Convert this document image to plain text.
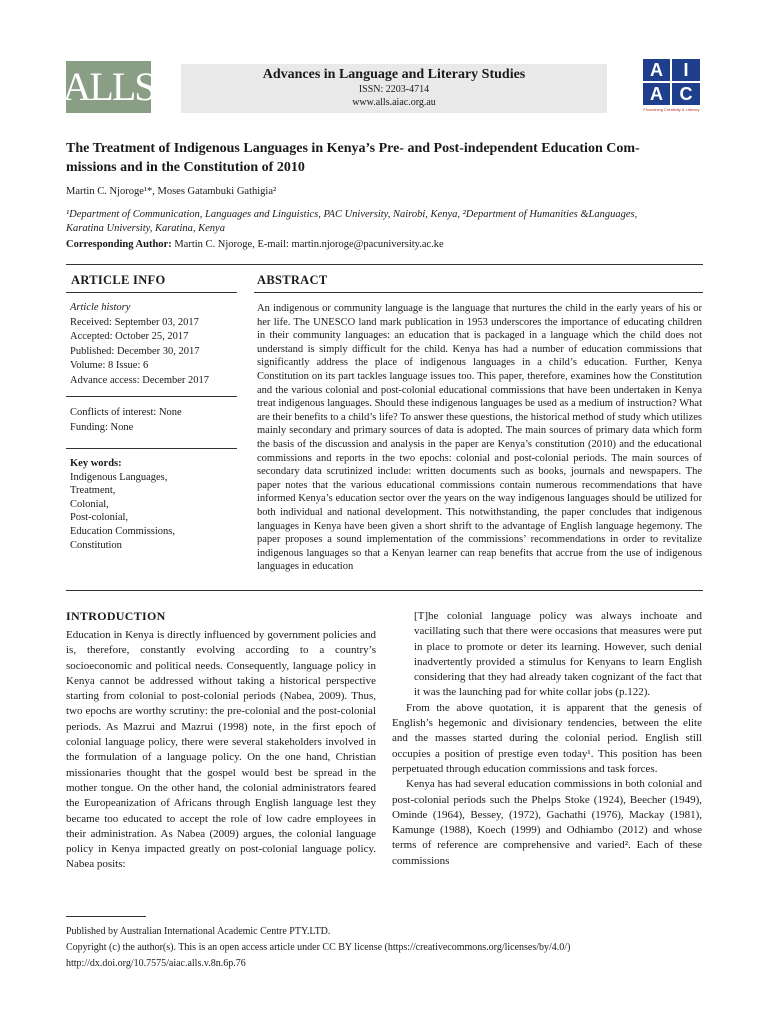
ALLS	Advances in Language and Literary Studies
ISSN: 2203-4714
www.alls.aiac.org.au
A	I
A C
Flourishing Creativity & Literacy
The Treatment of Indigenous Languages in Kenya’s Pre- and Post-independent Education Com-
missions and in the Constitution of 2010
Martin C. Njoroge¹*, Moses Gatambuki Gathigia²
¹Department of Communication, Languages and Linguistics, PAC University, Nairobi, Kenya, ²Department of Humanities &Languages,
Karatina University, Karatina, Kenya
Corresponding Author: Martin C. Njoroge, E-mail: martin.njoroge@pacuniversity.ac.ke
ARTICLE INFO	ABSTRACT
Article history
Received: September 03, 2017
Accepted: October 25, 2017
Published: December 30, 2017
Volume: 8 Issue: 6
Advance access: December 2017
Conflicts of interest: None
Funding: None
Key words:
Indigenous Languages,
Treatment,
Colonial,
Post-colonial,
Education Commissions,
Constitution
An indigenous or community language is the language that nurtures the child in the early years of his or her life. The UNESCO land mark publication in 1953 underscores the importance of educating children in their community languages: an education that is packaged in a language which the child does not understand is simply difficult for the child. Kenya has had a number of education commissions that significantly address the place of indigenous languages in a child’s education. Further, Kenya Constitution on its part tackles language issues too. This paper, therefore, examines how the Constitution and the various colonial and post-colonial educational commissions that have been undertaken in Kenya treat indigenous languages. Should these indigenous languages be used as a medium of instruction? What are their benefits to a child’s life? To answer these questions, the historical method of study which utilizes mainly secondary and primary sources of data is adopted. The main sources of primary data which form the basis of the discussion and analysis in the paper are Kenya’s constitution (2010) and the educational commissions and reports in the two epochs: colonial and post-colonial periods. The main sources of secondary data scrutinized include: written documents such as books, journals and newspapers. The paper notes that the various educational commissions contain numerous recommendations that have informed Kenya’s education sector over the years on the way indigenous languages should be utilized for both individual and national development. This notwithstanding, the paper concludes that indigenous languages in Kenya have been given a short shrift to the advantage of English language hegemony. The paper proposes a sound implementation of the commissions’ recommendations in order to revitalize indigenous languages so that a Kenyan learner can reap benefits that accrue from the use of indigenous languages in education
INTRODUCTION

Education in Kenya is directly influenced by government policies and is, therefore, constantly evolving according to a country’s socioeconomic and political needs. Consequently, language policy in Kenya cannot be addressed without taking a historical perspective starting from colonial to post-colonial periods (Nabea, 2009). Thus, two epochs are worthy scrutiny: the pre-colonial and the post-colonial periods. As Mazrui and Mazrui (1998) note, in the first epoch of colonial language policy, there were several stakeholders involved in the formulation of a language policy. On the one hand, Christian missionaries thought that the gospel would best be spread in the mother tongue. On the other hand, the colonial administrators feared the Europeanization of Africans through English language lest they became too educated to accept the role of low cadre employees in their administration. As Nabea (2009) argues, the colonial language policy in Kenya impacted greatly on post-colonial language policy. Nabea posits:

[T]he colonial language policy was always inchoate and vacillating such that there were occasions that measures were put in place to promote or deter its learning. However, such denial inadvertently provided a stimulus for Kenyans to learn English considering that they had already taken cognizant of the fact that it was the launching pad for white collar jobs (p.122).

From the above quotation, it is apparent that the genesis of English’s hegemonic and divisionary tendencies, between the elite and the masses started during the colonial period. English still occupies a position of prestige even today¹. This position has been perpetuated through education commissions and task forces.

Kenya has had several education commissions in both colonial and post-colonial periods such the Phelps Stoke (1924), Beecher (1949), Ominde (1964), Bessey, (1972), Gachathi (1976), Mackay (1981), Kamunge (1988), Koech (1999) and Odhiambo (2012) and whose terms of reference are comprehensive and varied². Each of these commissions

Published by Australian International Academic Centre PTY.LTD.
Copyright (c) the author(s). This is an open access article under CC BY license (https://creativecommons.org/licenses/by/4.0/)
http://dx.doi.org/10.7575/aiac.alls.v.8n.6p.76
